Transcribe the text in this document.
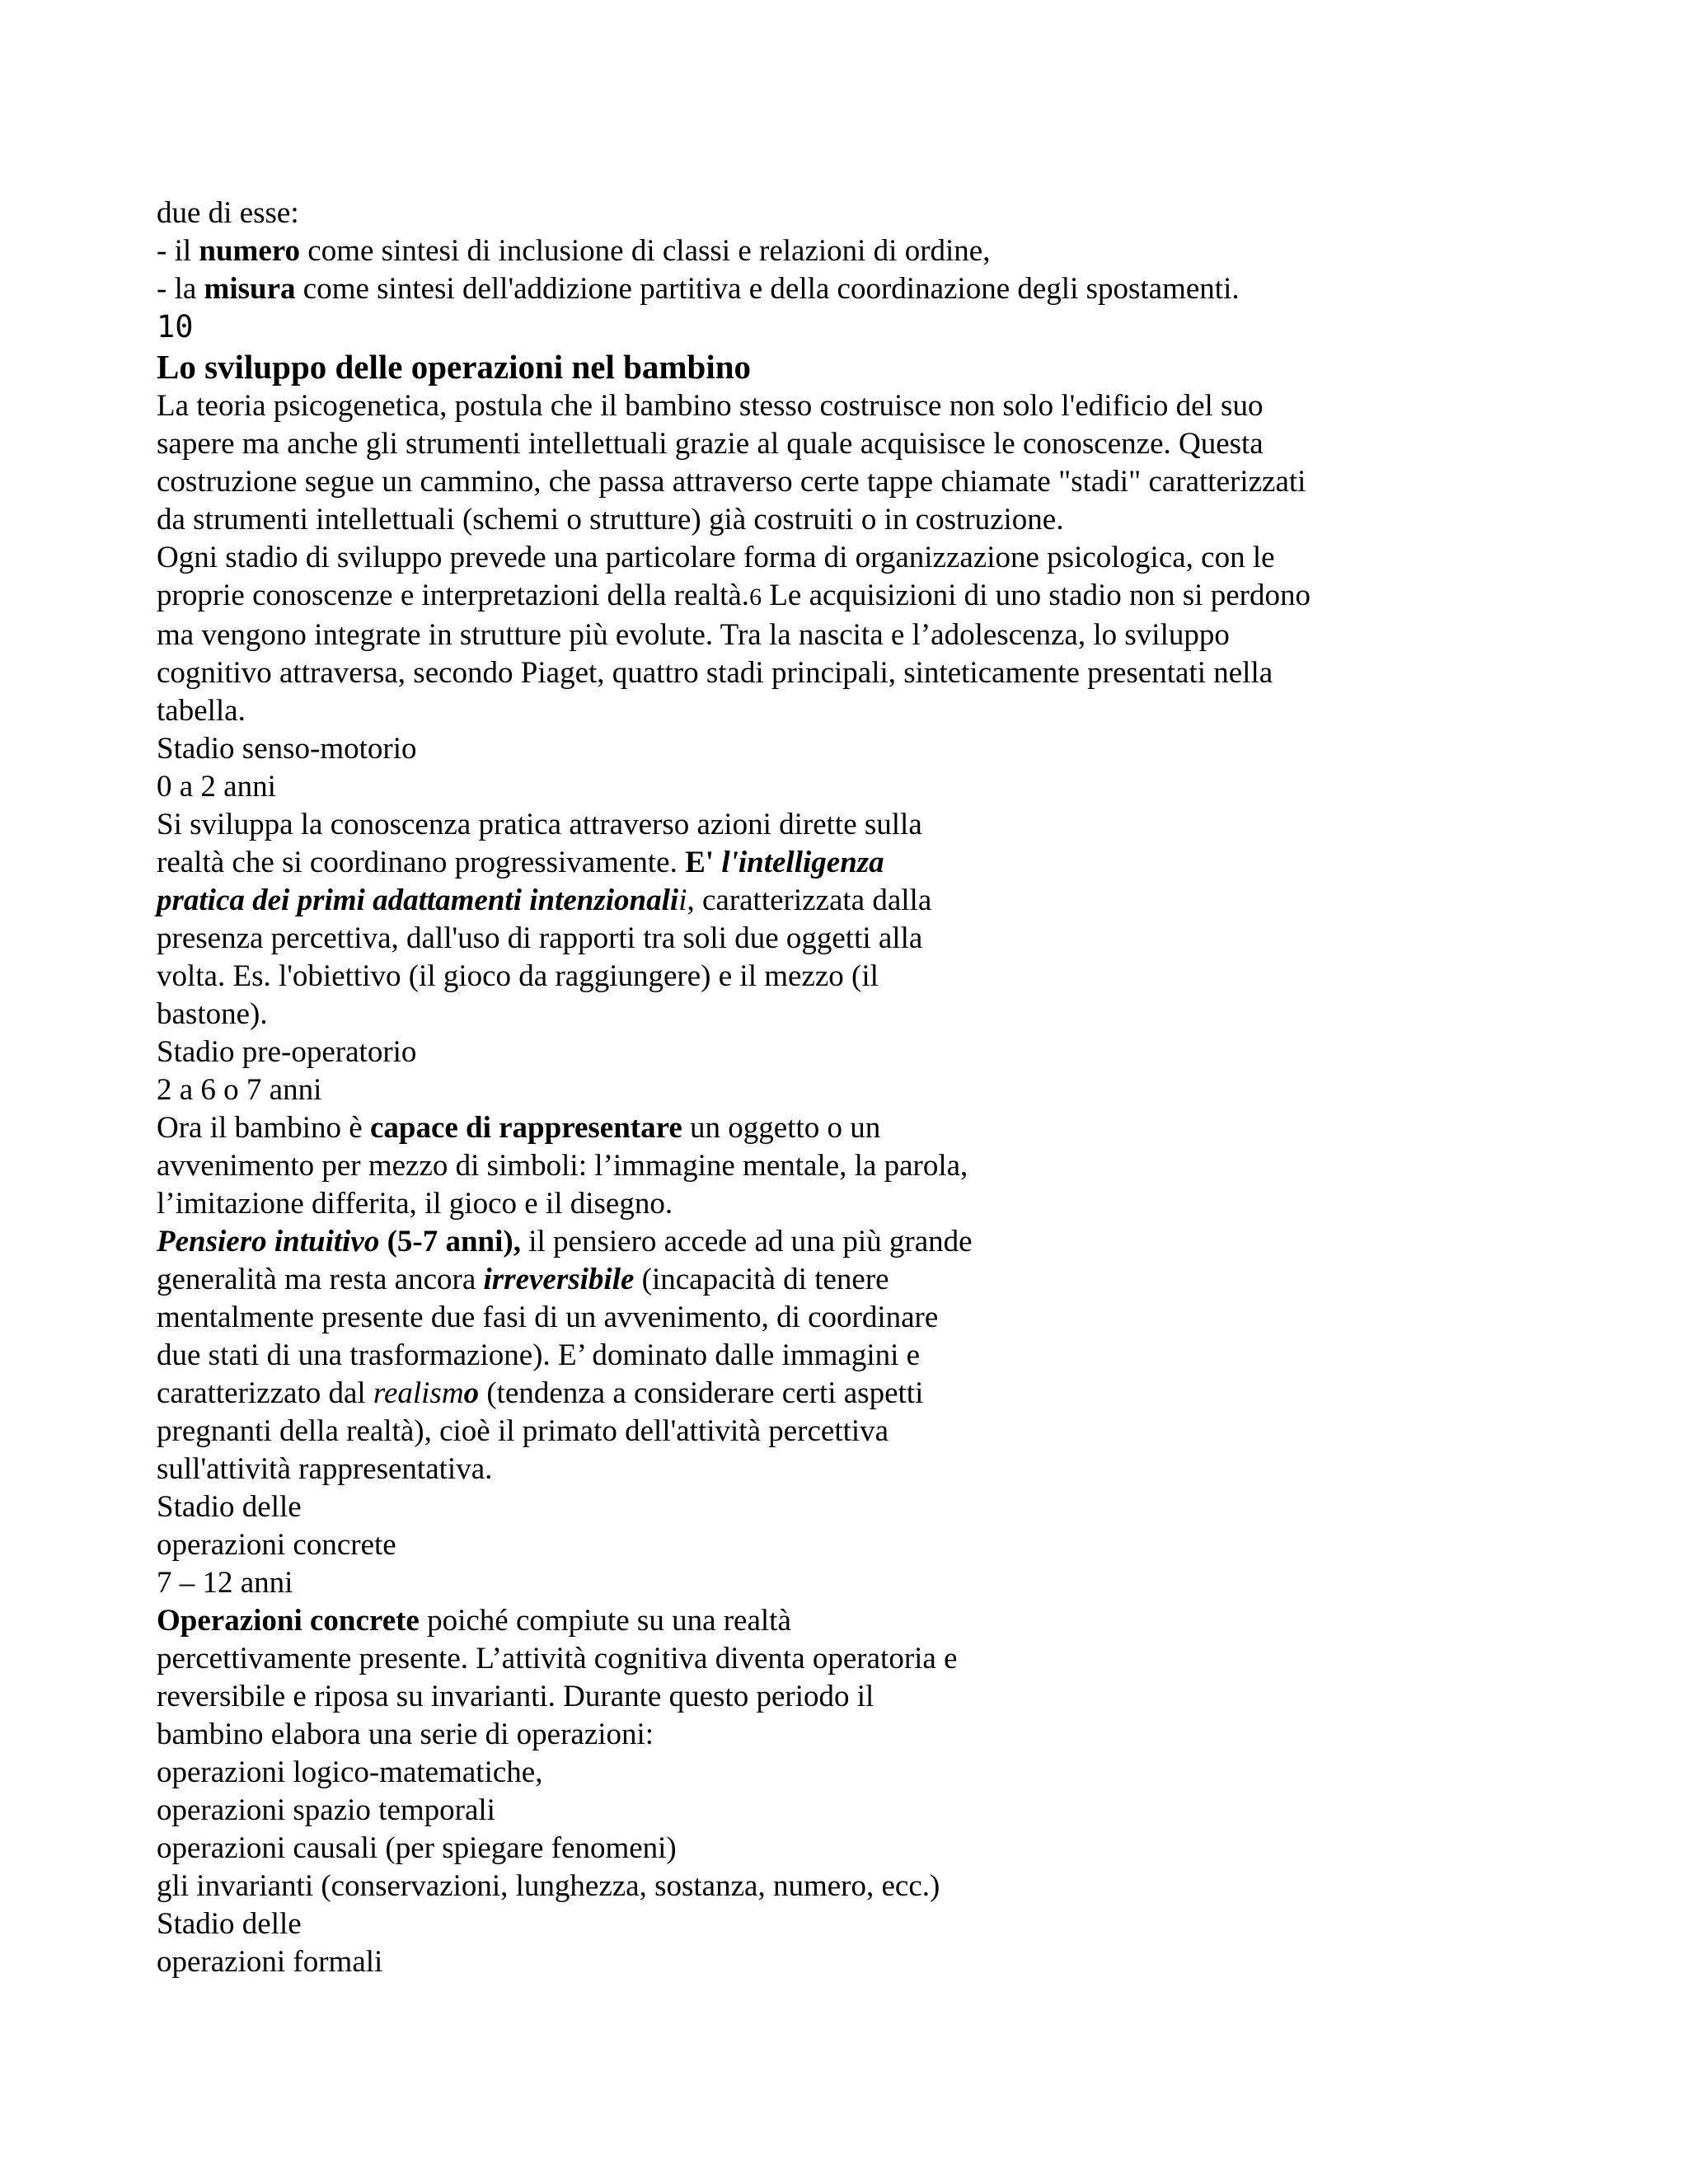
due di esse:
- il numero come sintesi di inclusione di classi e relazioni di ordine,
- la misura come sintesi dell'addizione partitiva e della coordinazione degli spostamenti.
10
Lo sviluppo delle operazioni nel bambino
La teoria psicogenetica, postula che il bambino stesso costruisce non solo l'edificio del suo
sapere ma anche gli strumenti intellettuali grazie al quale acquisisce le conoscenze. Questa
costruzione segue un cammino, che passa attraverso certe tappe chiamate "stadi" caratterizzati
da strumenti intellettuali (schemi o strutture) già costruiti o in costruzione.
Ogni stadio di sviluppo prevede una particolare forma di organizzazione psicologica, con le
proprie conoscenze e interpretazioni della realtà.6 Le acquisizioni di uno stadio non si perdono
ma vengono integrate in strutture più evolute. Tra la nascita e l’adolescenza, lo sviluppo
cognitivo attraversa, secondo Piaget, quattro stadi principali, sinteticamente presentati nella
tabella.
Stadio senso-motorio
0 a 2 anni
Si sviluppa la conoscenza pratica attraverso azioni dirette sulla
realtà che si coordinano progressivamente. E' l'intelligenza
pratica dei primi adattamenti intenzionalii, caratterizzata dalla
presenza percettiva, dall'uso di rapporti tra soli due oggetti alla
volta. Es. l'obiettivo (il gioco da raggiungere) e il mezzo (il
bastone).
Stadio pre-operatorio
2 a 6 o 7 anni
Ora il bambino è capace di rappresentare un oggetto o un
avvenimento per mezzo di simboli: l’immagine mentale, la parola,
l’imitazione differita, il gioco e il disegno.
Pensiero intuitivo (5-7 anni), il pensiero accede ad una più grande
generalità ma resta ancora irreversibile (incapacità di tenere
mentalmente presente due fasi di un avvenimento, di coordinare
due stati di una trasformazione). E’ dominato dalle immagini e
caratterizzato dal realismo (tendenza a considerare certi aspetti
pregnanti della realtà), cioè il primato dell'attività percettiva
sull'attività rappresentativa.
Stadio delle
operazioni concrete
7 – 12 anni
Operazioni concrete poiché compiute su una realtà
percettivamente presente. L’attività cognitiva diventa operatoria e
reversibile e riposa su invarianti. Durante questo periodo il
bambino elabora una serie di operazioni:
operazioni logico-matematiche,
operazioni spazio temporali
operazioni causali (per spiegare fenomeni)
gli invarianti (conservazioni, lunghezza, sostanza, numero, ecc.)
Stadio delle
operazioni formali
